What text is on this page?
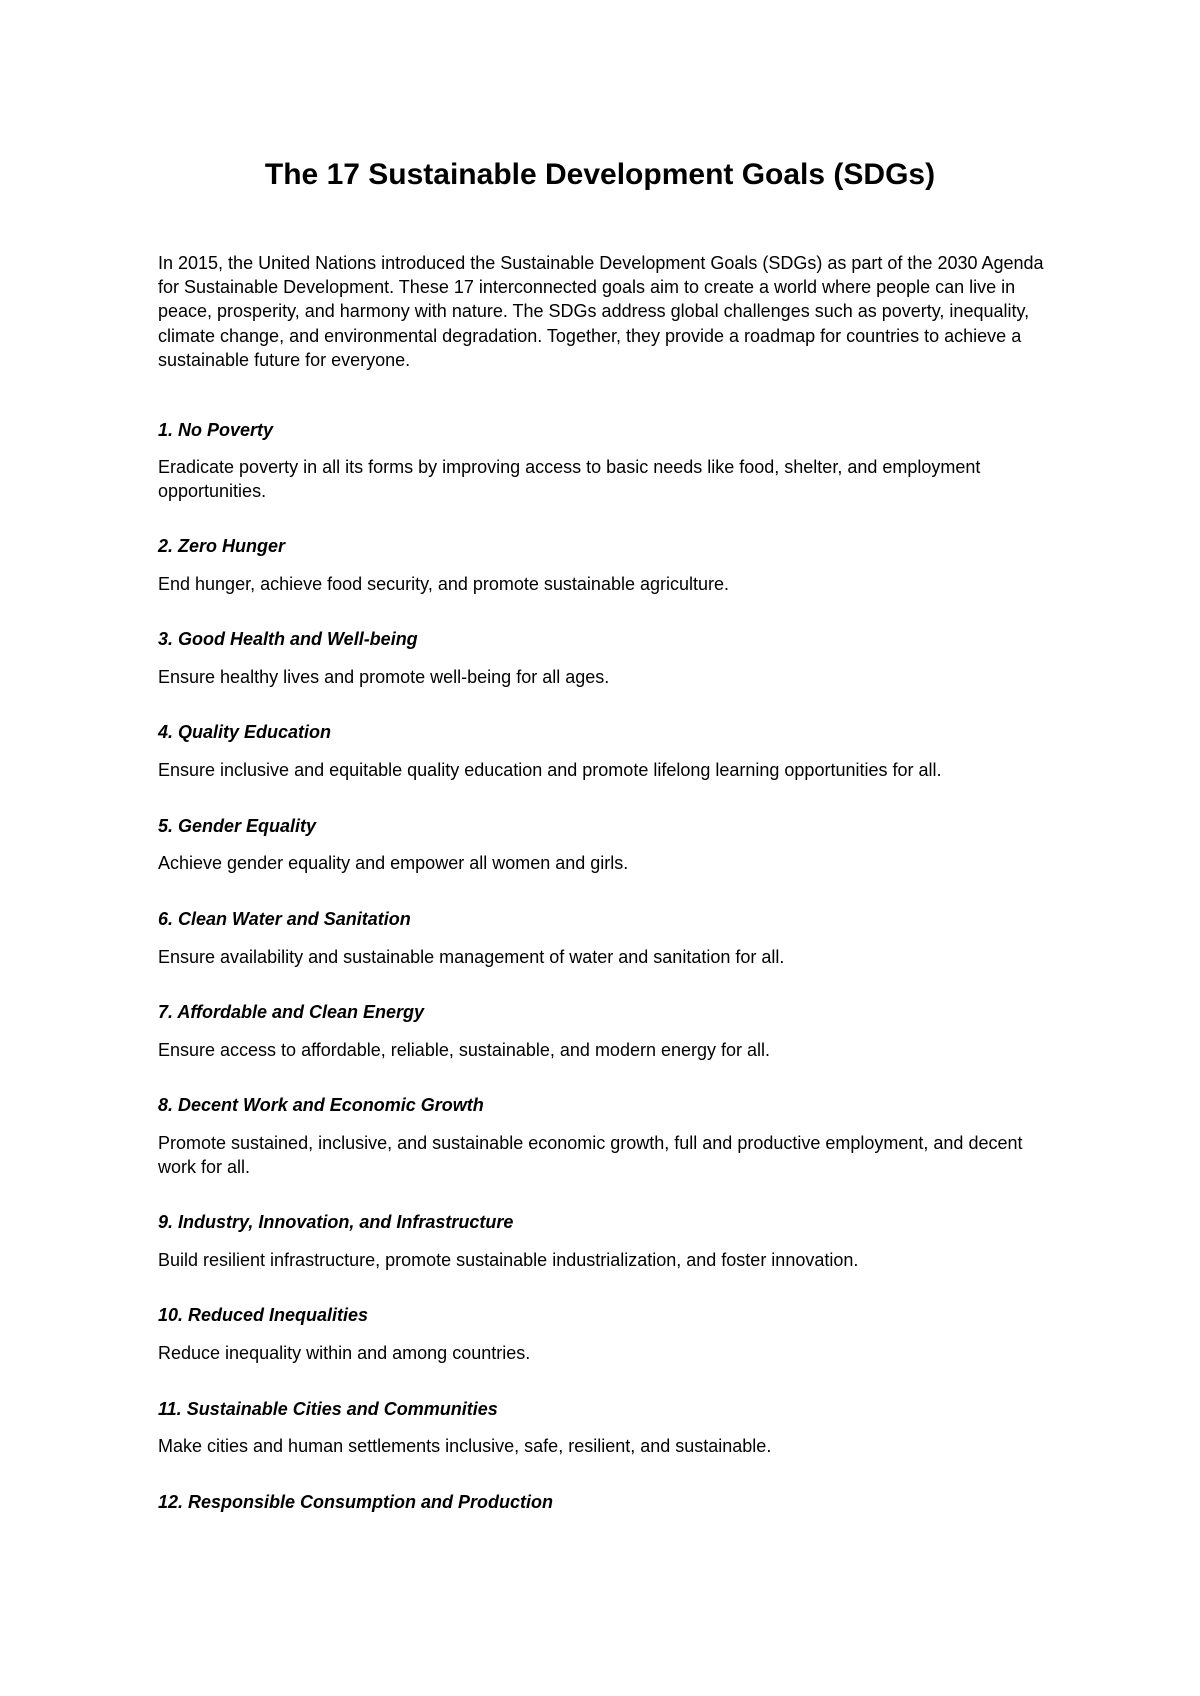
The 17 Sustainable Development Goals (SDGs)

In 2015, the United Nations introduced the Sustainable Development Goals (SDGs) as part of the 2030 Agenda for Sustainable Development. These 17 interconnected goals aim to create a world where people can live in peace, prosperity, and harmony with nature. The SDGs address global challenges such as poverty, inequality, climate change, and environmental degradation. Together, they provide a roadmap for countries to achieve a sustainable future for everyone.

1. No Poverty

Eradicate poverty in all its forms by improving access to basic needs like food, shelter, and employment opportunities.

2. Zero Hunger

End hunger, achieve food security, and promote sustainable agriculture.

3. Good Health and Well-being

Ensure healthy lives and promote well-being for all ages.

4. Quality Education

Ensure inclusive and equitable quality education and promote lifelong learning opportunities for all.

5. Gender Equality

Achieve gender equality and empower all women and girls.

6. Clean Water and Sanitation

Ensure availability and sustainable management of water and sanitation for all.

7. Affordable and Clean Energy

Ensure access to affordable, reliable, sustainable, and modern energy for all.

8. Decent Work and Economic Growth

Promote sustained, inclusive, and sustainable economic growth, full and productive employment, and decent work for all.

9. Industry, Innovation, and Infrastructure

Build resilient infrastructure, promote sustainable industrialization, and foster innovation.

10. Reduced Inequalities

Reduce inequality within and among countries.

11. Sustainable Cities and Communities

Make cities and human settlements inclusive, safe, resilient, and sustainable.

12. Responsible Consumption and Production
